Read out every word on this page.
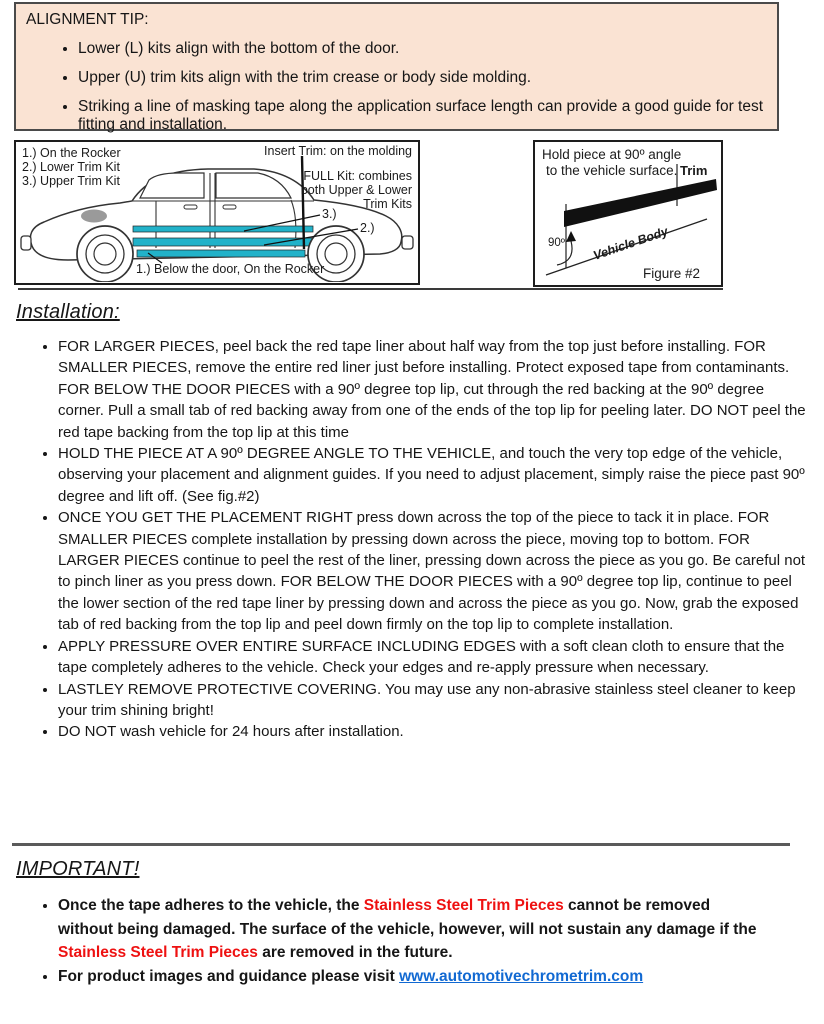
ALIGNMENT TIP:
• Lower (L) kits align with the bottom of the door.
• Upper (U) trim kits align with the trim crease or body side molding.
• Striking a line of masking tape along the application surface length can provide a good guide for test fitting and installation.
1.) On the Rocker
2.) Lower Trim Kit
3.) Upper Trim Kit
Insert Trim: on the molding
FULL Kit: combines
both Upper & Lower
Trim Kits
3.)
2.)
1.) Below the door, On the Rocker
Hold piece at 90º angle
to the vehicle surface. Trim
90º Vehicle Body
Figure #2
Installation:
• FOR LARGER PIECES, peel back the red tape liner about half way from the top just before installing. FOR SMALLER PIECES, remove the entire red liner just before installing. Protect exposed tape from contaminants. FOR BELOW THE DOOR PIECES with a 90º degree top lip, cut through the red backing at the 90º degree corner. Pull a small tab of red backing away from one of the ends of the top lip for peeling later. DO NOT peel the red tape backing from the top lip at this time
• HOLD THE PIECE AT A 90º DEGREE ANGLE TO THE VEHICLE, and touch the very top edge of the vehicle, observing your placement and alignment guides. If you need to adjust placement, simply raise the piece past 90º degree and lift off. (See fig.#2)
• ONCE YOU GET THE PLACEMENT RIGHT press down across the top of the piece to tack it in place. FOR SMALLER PIECES complete installation by pressing down across the piece, moving top to bottom. FOR LARGER PIECES continue to peel the rest of the liner, pressing down across the piece as you go. Be careful not to pinch liner as you press down. FOR BELOW THE DOOR PIECES with a 90º degree top lip, continue to peel the lower section of the red tape liner by pressing down and across the piece as you go. Now, grab the exposed tab of red backing from the top lip and peel down firmly on the top lip to complete installation.
• APPLY PRESSURE OVER ENTIRE SURFACE INCLUDING EDGES with a soft clean cloth to ensure that the tape completely adheres to the vehicle. Check your edges and re-apply pressure when necessary.
• LASTLEY REMOVE PROTECTIVE COVERING. You may use any non-abrasive stainless steel cleaner to keep your trim shining bright!
• DO NOT wash vehicle for 24 hours after installation.
IMPORTANT!
• Once the tape adheres to the vehicle, the Stainless Steel Trim Pieces cannot be removed without being damaged. The surface of the vehicle, however, will not sustain any damage if the Stainless Steel Trim Pieces are removed in the future.
• For product images and guidance please visit www.automotivechrometrim.com
